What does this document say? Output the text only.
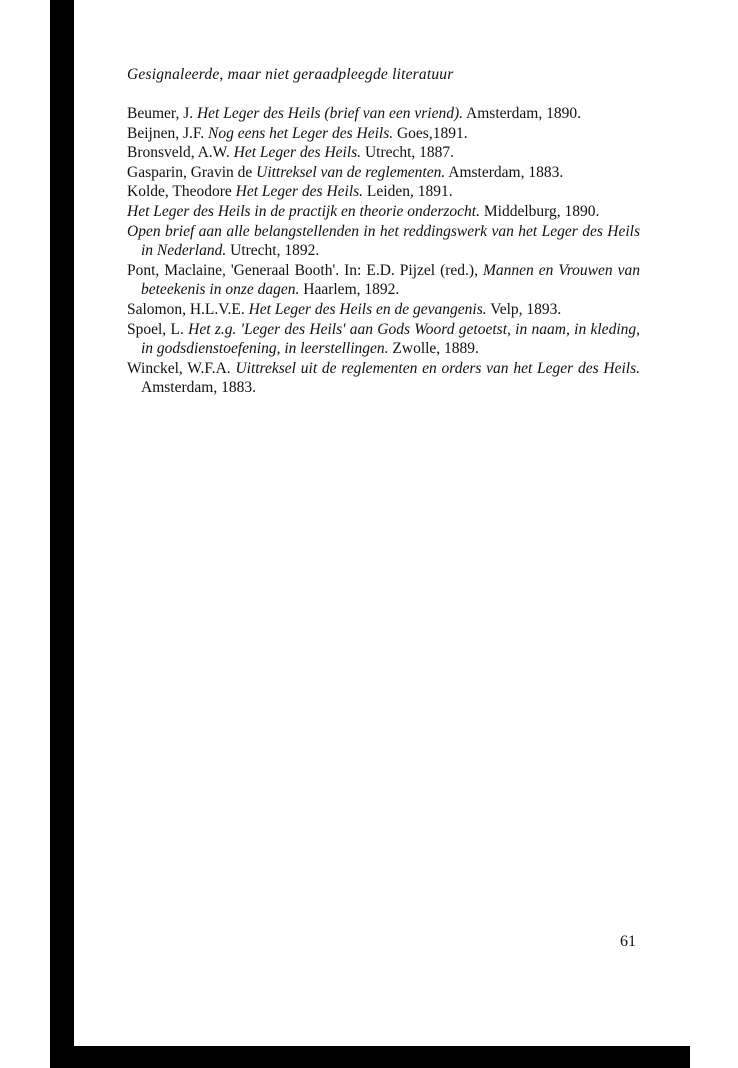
Gesignaleerde, maar niet geraadpleegde literatuur
Beumer, J. Het Leger des Heils (brief van een vriend). Amsterdam, 1890.
Beijnen, J.F. Nog eens het Leger des Heils. Goes,1891.
Bronsveld, A.W. Het Leger des Heils. Utrecht, 1887.
Gasparin, Gravin de Uittreksel van de reglementen. Amsterdam, 1883.
Kolde, Theodore Het Leger des Heils. Leiden, 1891.
Het Leger des Heils in de practijk en theorie onderzocht. Middelburg, 1890.
Open brief aan alle belangstellenden in het reddingswerk van het Leger des Heils in Nederland. Utrecht, 1892.
Pont, Maclaine, 'Generaal Booth'. In: E.D. Pijzel (red.), Mannen en Vrouwen van beteekenis in onze dagen. Haarlem, 1892.
Salomon, H.L.V.E. Het Leger des Heils en de gevangenis. Velp, 1893.
Spoel, L. Het z.g. 'Leger des Heils' aan Gods Woord getoetst, in naam, in kleding, in godsdienstoefening, in leerstellingen. Zwolle, 1889.
Winckel, W.F.A. Uittreksel uit de reglementen en orders van het Leger des Heils. Amsterdam, 1883.
61
